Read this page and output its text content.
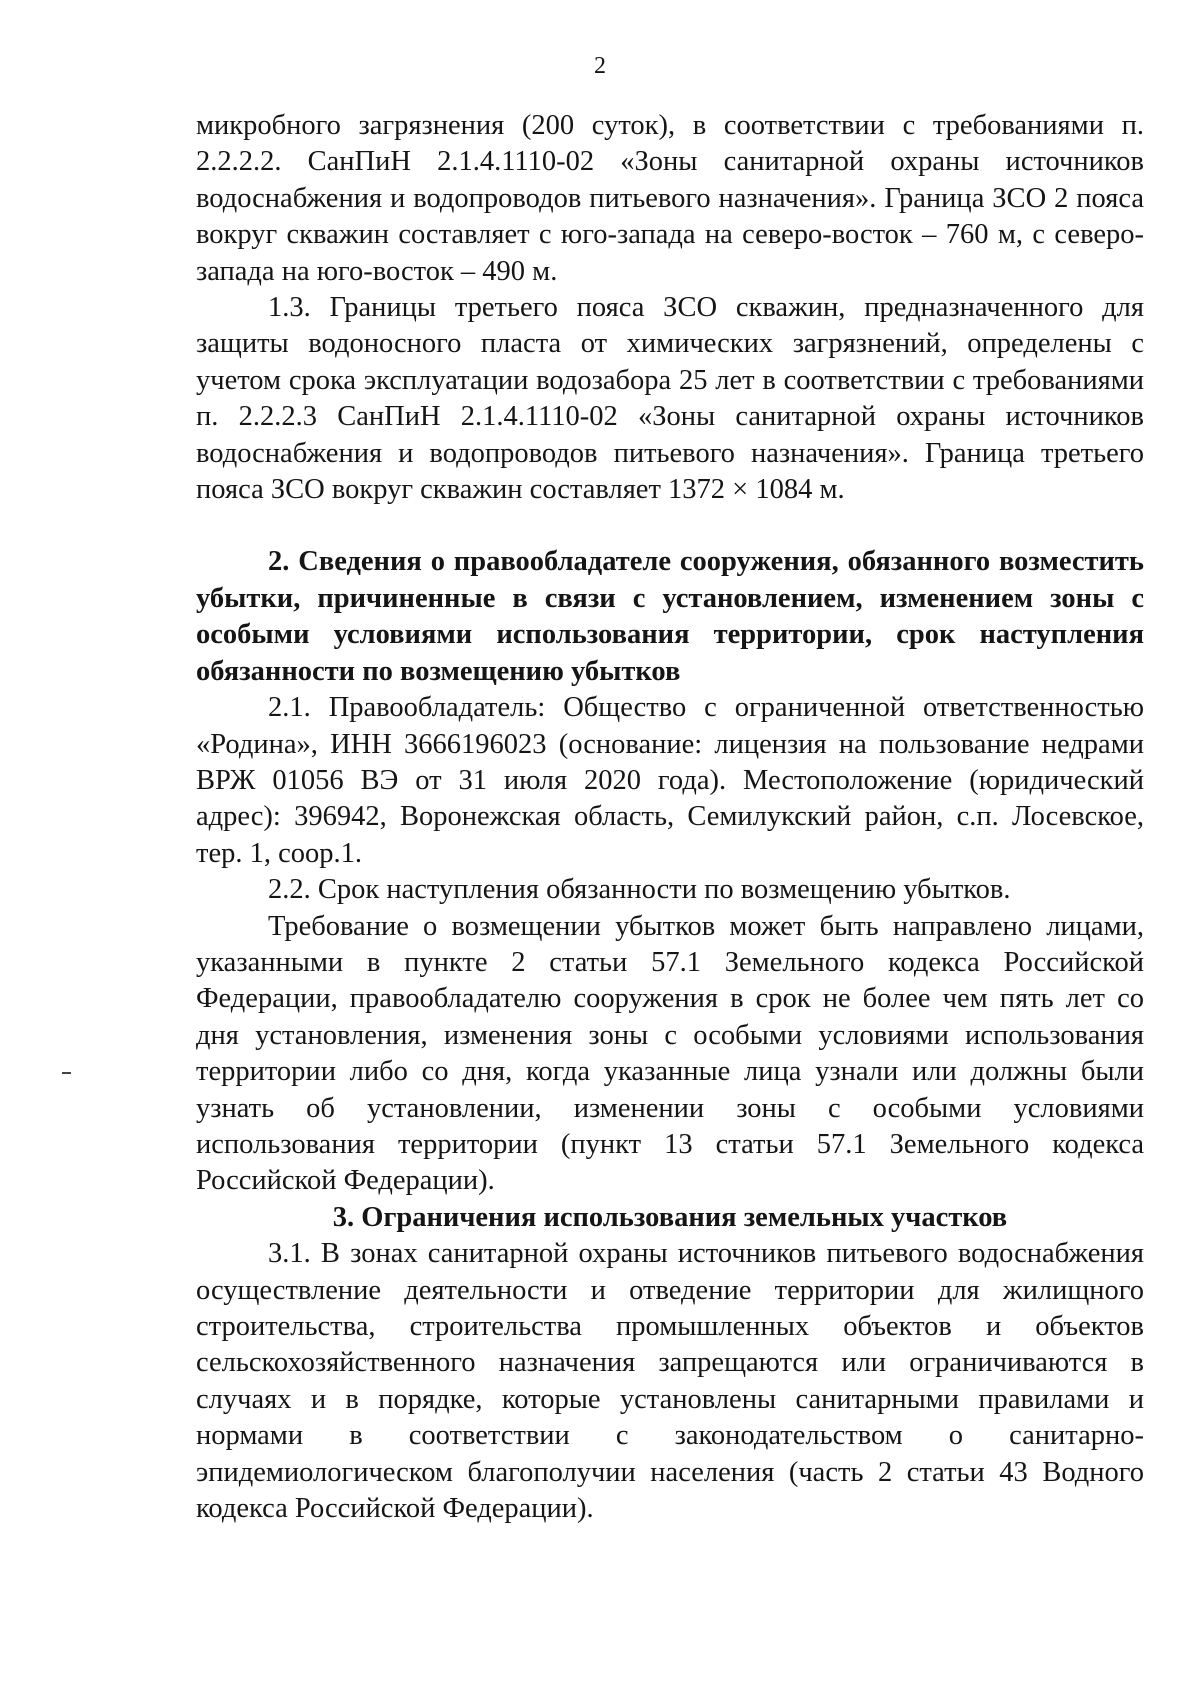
2

микробного загрязнения (200 суток), в соответствии с требованиями п. 2.2.2.2. СанПиН 2.1.4.1110-02 «Зоны санитарной охраны источников водоснабжения и водопроводов питьевого назначения». Граница ЗСО 2 пояса вокруг скважин составляет с юго-запада на северо-восток – 760 м, с северо-запада на юго-восток – 490 м.

1.3. Границы третьего пояса ЗСО скважин, предназначенного для защиты водоносного пласта от химических загрязнений, определены с учетом срока эксплуатации водозабора 25 лет в соответствии с требованиями п. 2.2.2.3 СанПиН 2.1.4.1110-02 «Зоны санитарной охраны источников водоснабжения и водопроводов питьевого назначения». Граница третьего пояса ЗСО вокруг скважин составляет 1372 × 1084 м.

2. Сведения о правообладателе сооружения, обязанного возместить убытки, причиненные в связи с установлением, изменением зоны с особыми условиями использования территории, срок наступления обязанности по возмещению убытков

2.1. Правообладатель: Общество с ограниченной ответственностью «Родина», ИНН 3666196023 (основание: лицензия на пользование недрами ВРЖ 01056 ВЭ от 31 июля 2020 года). Местоположение (юридический адрес): 396942, Воронежская область, Семилукский район, с.п. Лосевское, тер. 1, соор.1.

2.2. Срок наступления обязанности по возмещению убытков.

Требование о возмещении убытков может быть направлено лицами, указанными в пункте 2 статьи 57.1 Земельного кодекса Российской Федерации, правообладателю сооружения в срок не более чем пять лет со дня установления, изменения зоны с особыми условиями использования территории либо со дня, когда указанные лица узнали или должны были узнать об установлении, изменении зоны с особыми условиями использования территории (пункт 13 статьи 57.1 Земельного кодекса Российской Федерации).

3. Ограничения использования земельных участков

3.1. В зонах санитарной охраны источников питьевого водоснабжения осуществление деятельности и отведение территории для жилищного строительства, строительства промышленных объектов и объектов сельскохозяйственного назначения запрещаются или ограничиваются в случаях и в порядке, которые установлены санитарными правилами и нормами в соответствии с законодательством о санитарно-эпидемиологическом благополучии населения (часть 2 статьи 43 Водного кодекса Российской Федерации).
